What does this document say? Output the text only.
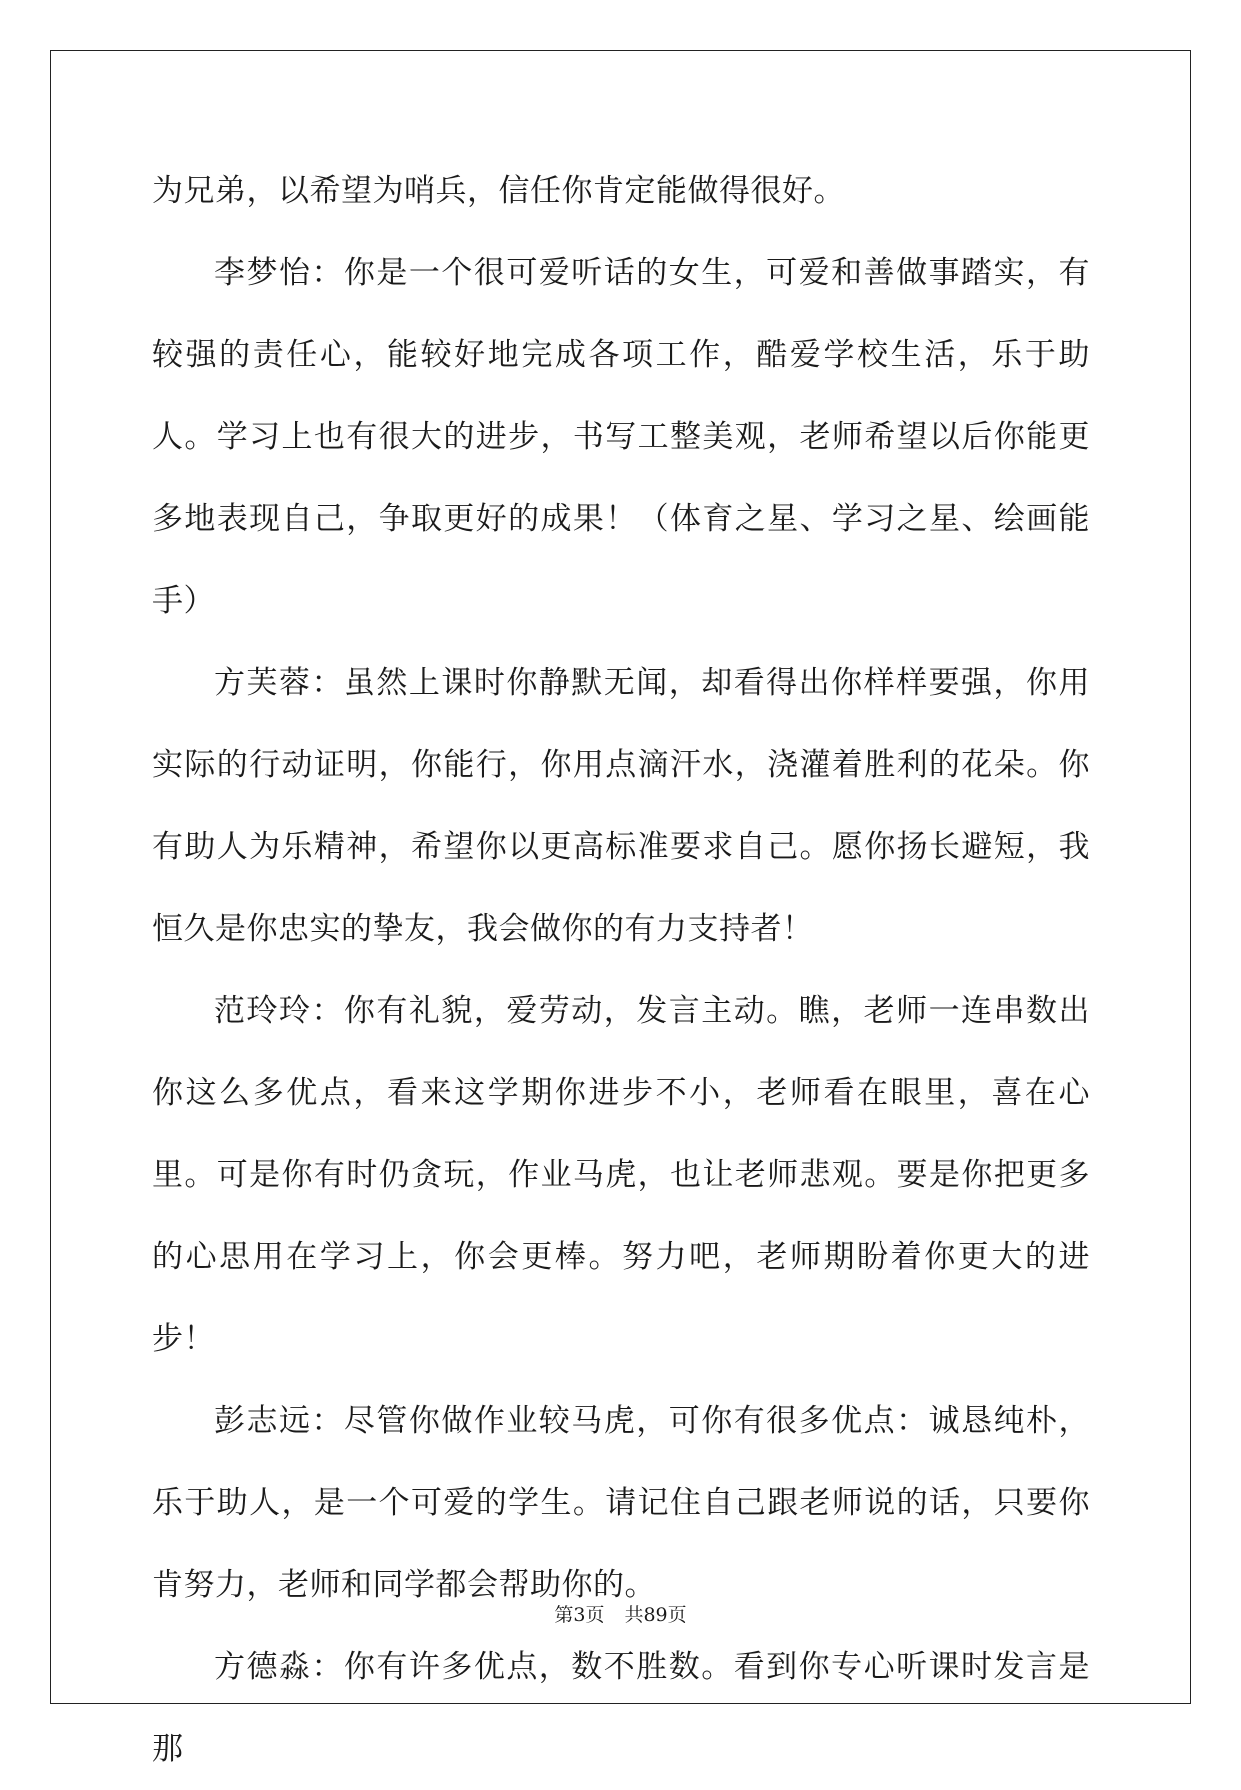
为兄弟，以希望为哨兵，信任你肯定能做得很好。

李梦怡：你是一个很可爱听话的女生，可爱和善做事踏实，有较强的责任心，能较好地完成各项工作，酷爱学校生活，乐于助人。学习上也有很大的进步，书写工整美观，老师希望以后你能更多地表现自己，争取更好的成果！（体育之星、学习之星、绘画能手）

方芙蓉：虽然上课时你静默无闻，却看得出你样样要强，你用实际的行动证明，你能行，你用点滴汗水，浇灌着胜利的花朵。你有助人为乐精神，希望你以更高标准要求自己。愿你扬长避短，我恒久是你忠实的挚友，我会做你的有力支持者！

范玲玲：你有礼貌，爱劳动，发言主动。瞧，老师一连串数出你这么多优点，看来这学期你进步不小，老师看在眼里，喜在心里。可是你有时仍贪玩，作业马虎，也让老师悲观。要是你把更多的心思用在学习上，你会更棒。努力吧，老师期盼着你更大的进步！

彭志远：尽管你做作业较马虎，可你有很多优点：诚恳纯朴，乐于助人，是一个可爱的学生。请记住自己跟老师说的话，只要你肯努力，老师和同学都会帮助你的。

方德淼：你有许多优点，数不胜数。看到你专心听课时发言是那

第3页 共89页
